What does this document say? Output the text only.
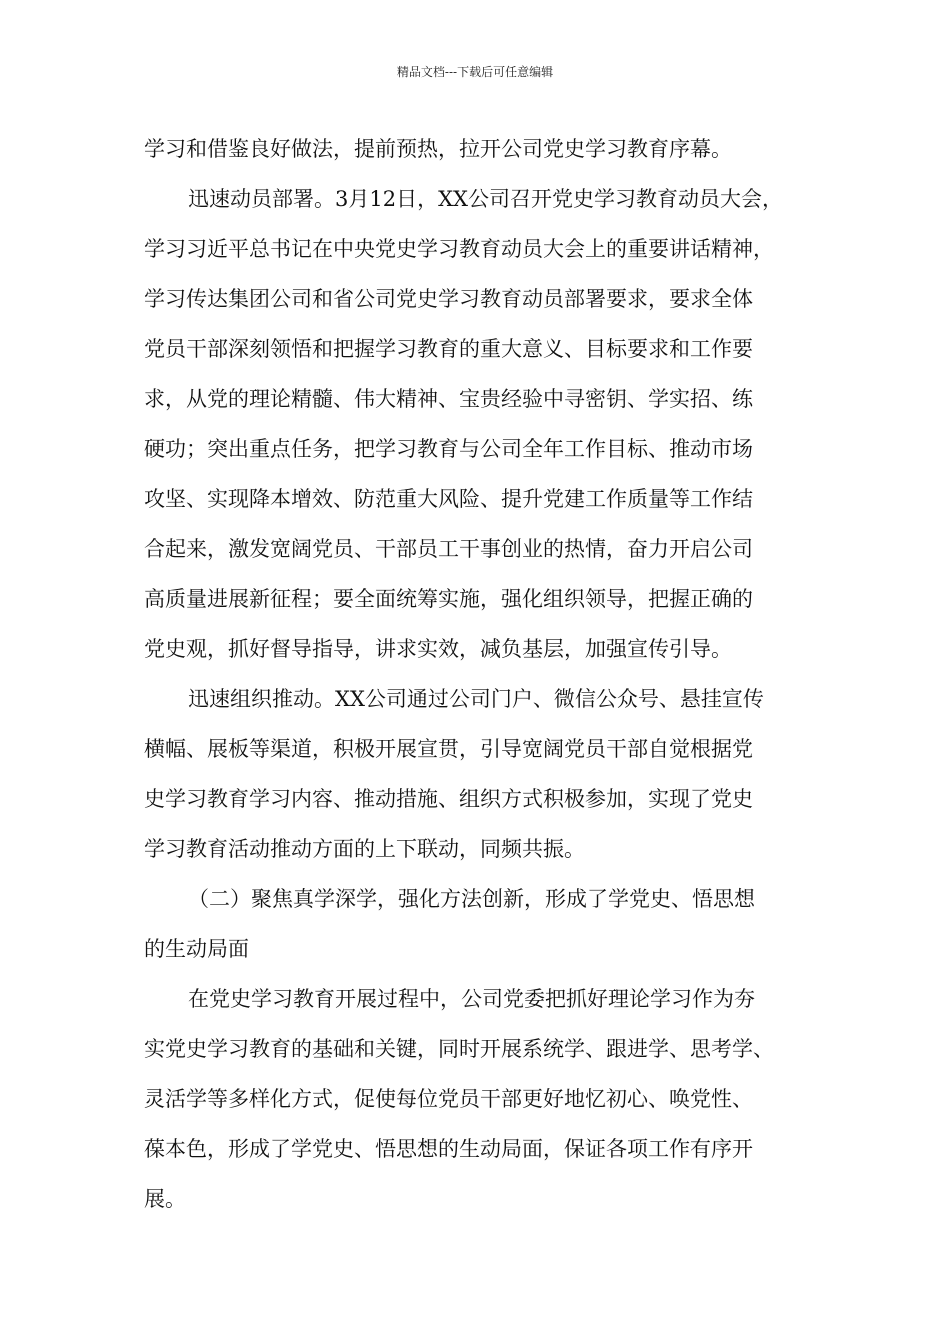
精品文档---下载后可任意编辑
学习和借鉴良好做法，提前预热，拉开公司党史学习教育序幕。
迅速动员部署。3月12日，XX公司召开党史学习教育动员大会，
学习习近平总书记在中央党史学习教育动员大会上的重要讲话精神，
学习传达集团公司和省公司党史学习教育动员部署要求，要求全体
党员干部深刻领悟和把握学习教育的重大意义、目标要求和工作要
求，从党的理论精髓、伟大精神、宝贵经验中寻密钥、学实招、练
硬功；突出重点任务，把学习教育与公司全年工作目标、推动市场
攻坚、实现降本增效、防范重大风险、提升党建工作质量等工作结
合起来，激发宽阔党员、干部员工干事创业的热情，奋力开启公司
高质量进展新征程；要全面统筹实施，强化组织领导，把握正确的
党史观，抓好督导指导，讲求实效，减负基层，加强宣传引导。
迅速组织推动。XX公司通过公司门户、微信公众号、悬挂宣传
横幅、展板等渠道，积极开展宣贯，引导宽阔党员干部自觉根据党
史学习教育学习内容、推动措施、组织方式积极参加，实现了党史
学习教育活动推动方面的上下联动，同频共振。
（二）聚焦真学深学，强化方法创新，形成了学党史、悟思想
的生动局面
在党史学习教育开展过程中，公司党委把抓好理论学习作为夯
实党史学习教育的基础和关键，同时开展系统学、跟进学、思考学、
灵活学等多样化方式，促使每位党员干部更好地忆初心、唤党性、
葆本色，形成了学党史、悟思想的生动局面，保证各项工作有序开
展。
